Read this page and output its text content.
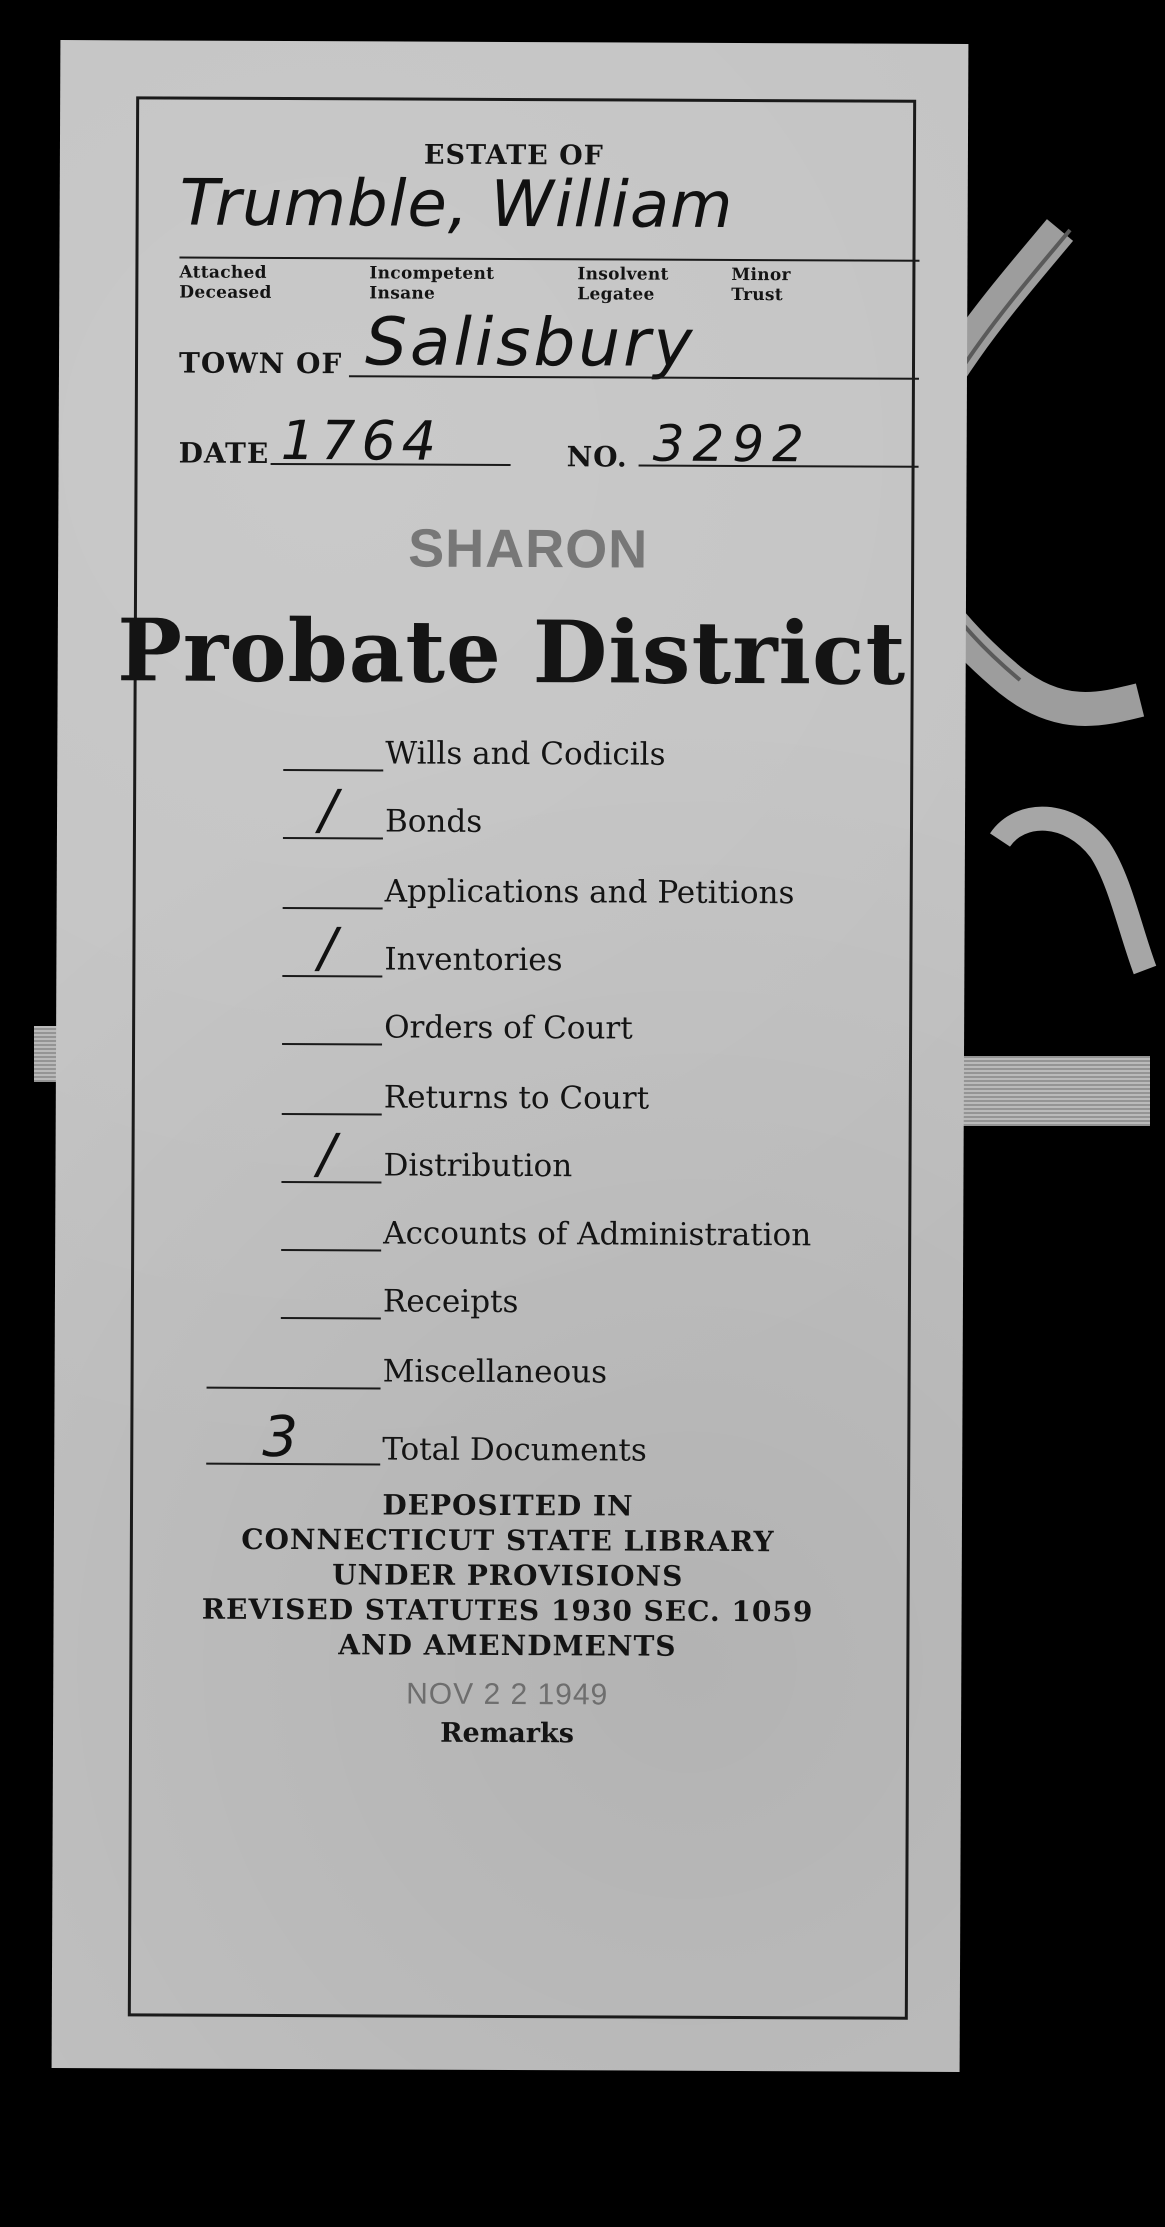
ESTATE OF
Trumble, William
Attached
Deceased
Incompetent
Insane
Insolvent
Legatee
Minor
Trust
TOWN OF Salisbury
DATE 1764	NO. 3292
SHARON
Probate District
Wills and Codicils
/ Bonds
Applications and Petitions
/ Inventories
Orders of Court
Returns to Court
/ Distribution
Accounts of Administration
Receipts
Miscellaneous
3	Total Documents
DEPOSITED IN
CONNECTICUT STATE LIBRARY
UNDER PROVISIONS
REVISED STATUTES 1930 SEC. 1059
AND AMENDMENTS
NOV 2 2 1949
Remarks
